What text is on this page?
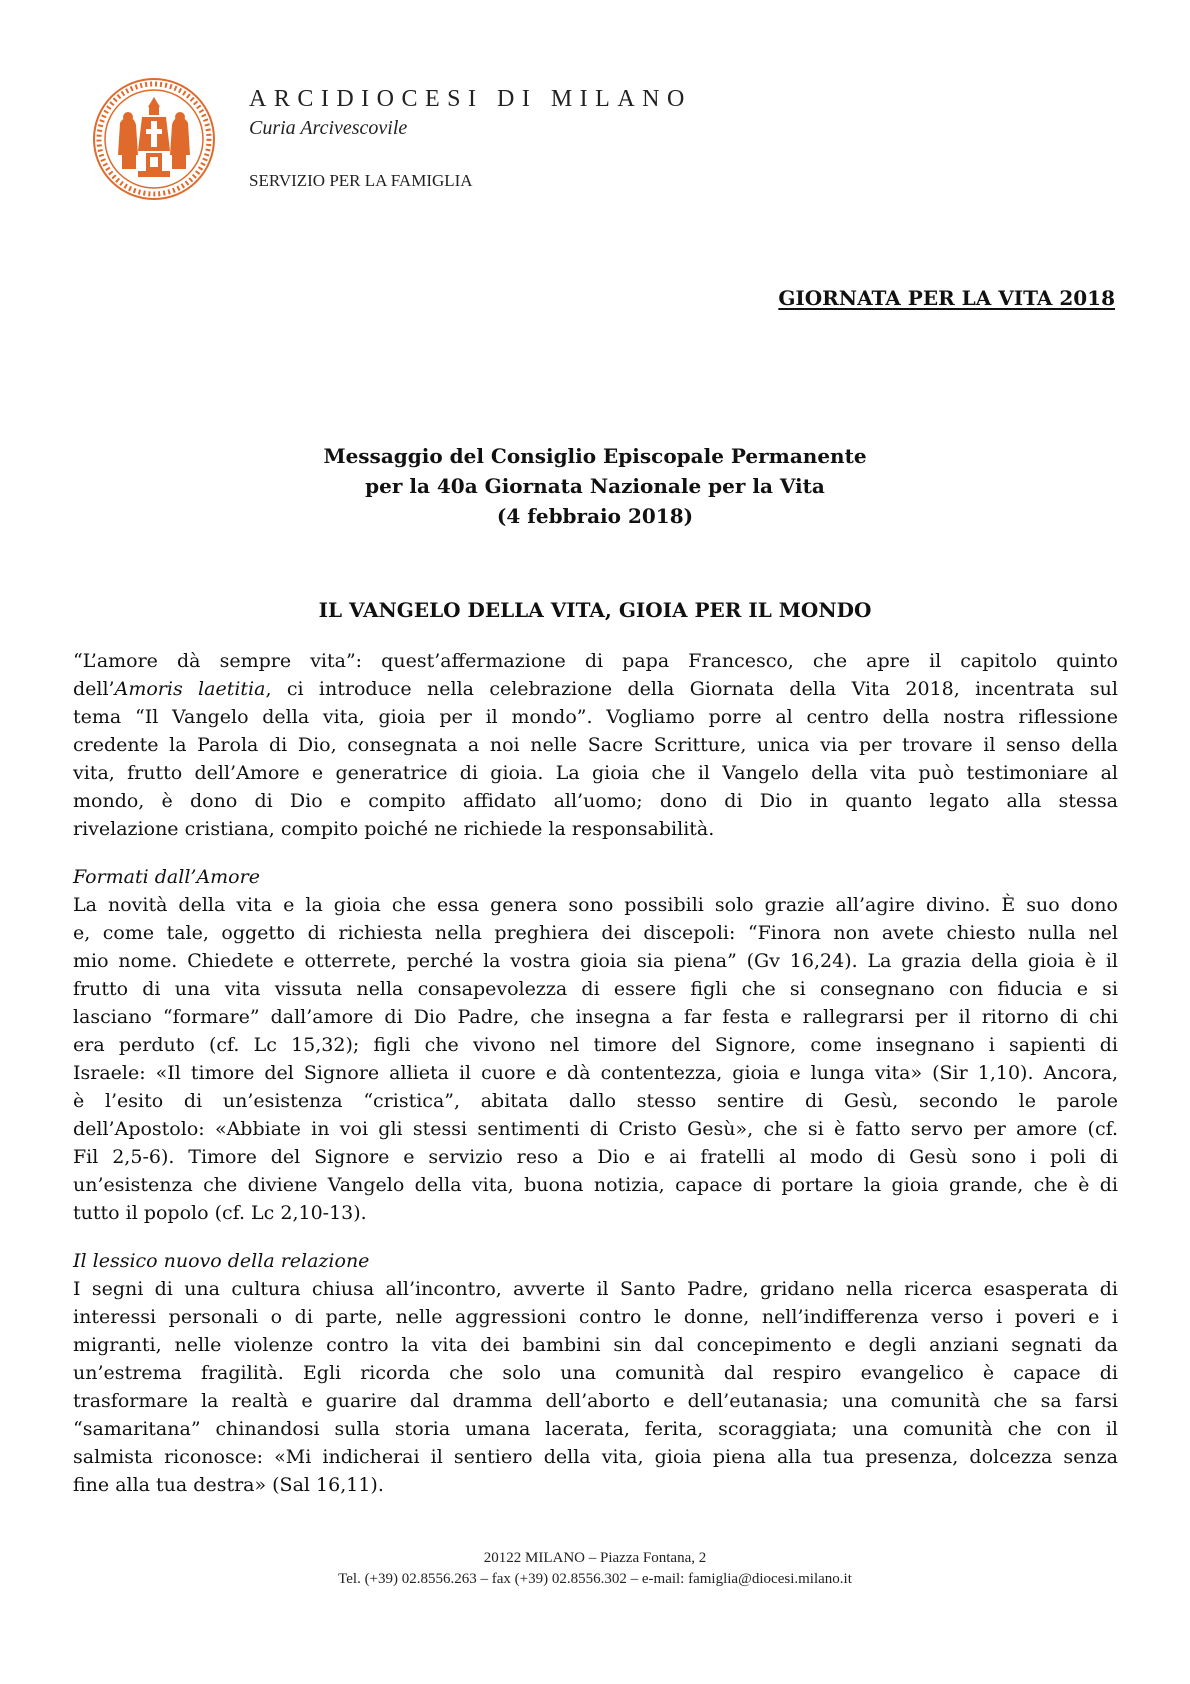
ARCIDIOCESI DI MILANO
Curia Arcivescovile
SERVIZIO PER LA FAMIGLIA
GIORNATA PER LA VITA 2018
Messaggio del Consiglio Episcopale Permanente
per la 40a Giornata Nazionale per la Vita
(4 febbraio 2018)
IL VANGELO DELLA VITA, GIOIA PER IL MONDO
“L’amore dà sempre vita”: quest’affermazione di papa Francesco, che apre il capitolo quinto
dell’Amoris laetitia, ci introduce nella celebrazione della Giornata della Vita 2018, incentrata sul
tema “Il Vangelo della vita, gioia per il mondo”. Vogliamo porre al centro della nostra riflessione
credente la Parola di Dio, consegnata a noi nelle Sacre Scritture, unica via per trovare il senso della
vita, frutto dell’Amore e generatrice di gioia. La gioia che il Vangelo della vita può testimoniare al
mondo, è dono di Dio e compito affidato all’uomo; dono di Dio in quanto legato alla stessa
rivelazione cristiana, compito poiché ne richiede la responsabilità.
Formati dall’Amore
La novità della vita e la gioia che essa genera sono possibili solo grazie all’agire divino. È suo dono
e, come tale, oggetto di richiesta nella preghiera dei discepoli: “Finora non avete chiesto nulla nel
mio nome. Chiedete e otterrete, perché la vostra gioia sia piena” (Gv 16,24). La grazia della gioia è il
frutto di una vita vissuta nella consapevolezza di essere figli che si consegnano con fiducia e si
lasciano “formare” dall’amore di Dio Padre, che insegna a far festa e rallegrarsi per il ritorno di chi
era perduto (cf. Lc 15,32); figli che vivono nel timore del Signore, come insegnano i sapienti di
Israele: «Il timore del Signore allieta il cuore e dà contentezza, gioia e lunga vita» (Sir 1,10). Ancora,
è l’esito di un’esistenza “cristica”, abitata dallo stesso sentire di Gesù, secondo le parole
dell’Apostolo: «Abbiate in voi gli stessi sentimenti di Cristo Gesù», che si è fatto servo per amore (cf.
Fil 2,5-6). Timore del Signore e servizio reso a Dio e ai fratelli al modo di Gesù sono i poli di
un’esistenza che diviene Vangelo della vita, buona notizia, capace di portare la gioia grande, che è di
tutto il popolo (cf. Lc 2,10-13).
Il lessico nuovo della relazione
I segni di una cultura chiusa all’incontro, avverte il Santo Padre, gridano nella ricerca esasperata di
interessi personali o di parte, nelle aggressioni contro le donne, nell’indifferenza verso i poveri e i
migranti, nelle violenze contro la vita dei bambini sin dal concepimento e degli anziani segnati da
un’estrema fragilità. Egli ricorda che solo una comunità dal respiro evangelico è capace di
trasformare la realtà e guarire dal dramma dell’aborto e dell’eutanasia; una comunità che sa farsi
“samaritana” chinandosi sulla storia umana lacerata, ferita, scoraggiata; una comunità che con il
salmista riconosce: «Mi indicherai il sentiero della vita, gioia piena alla tua presenza, dolcezza senza
fine alla tua destra» (Sal 16,11).
20122 MILANO – Piazza Fontana, 2
Tel. (+39) 02.8556.263 – fax (+39) 02.8556.302 – e-mail: famiglia@diocesi.milano.it
